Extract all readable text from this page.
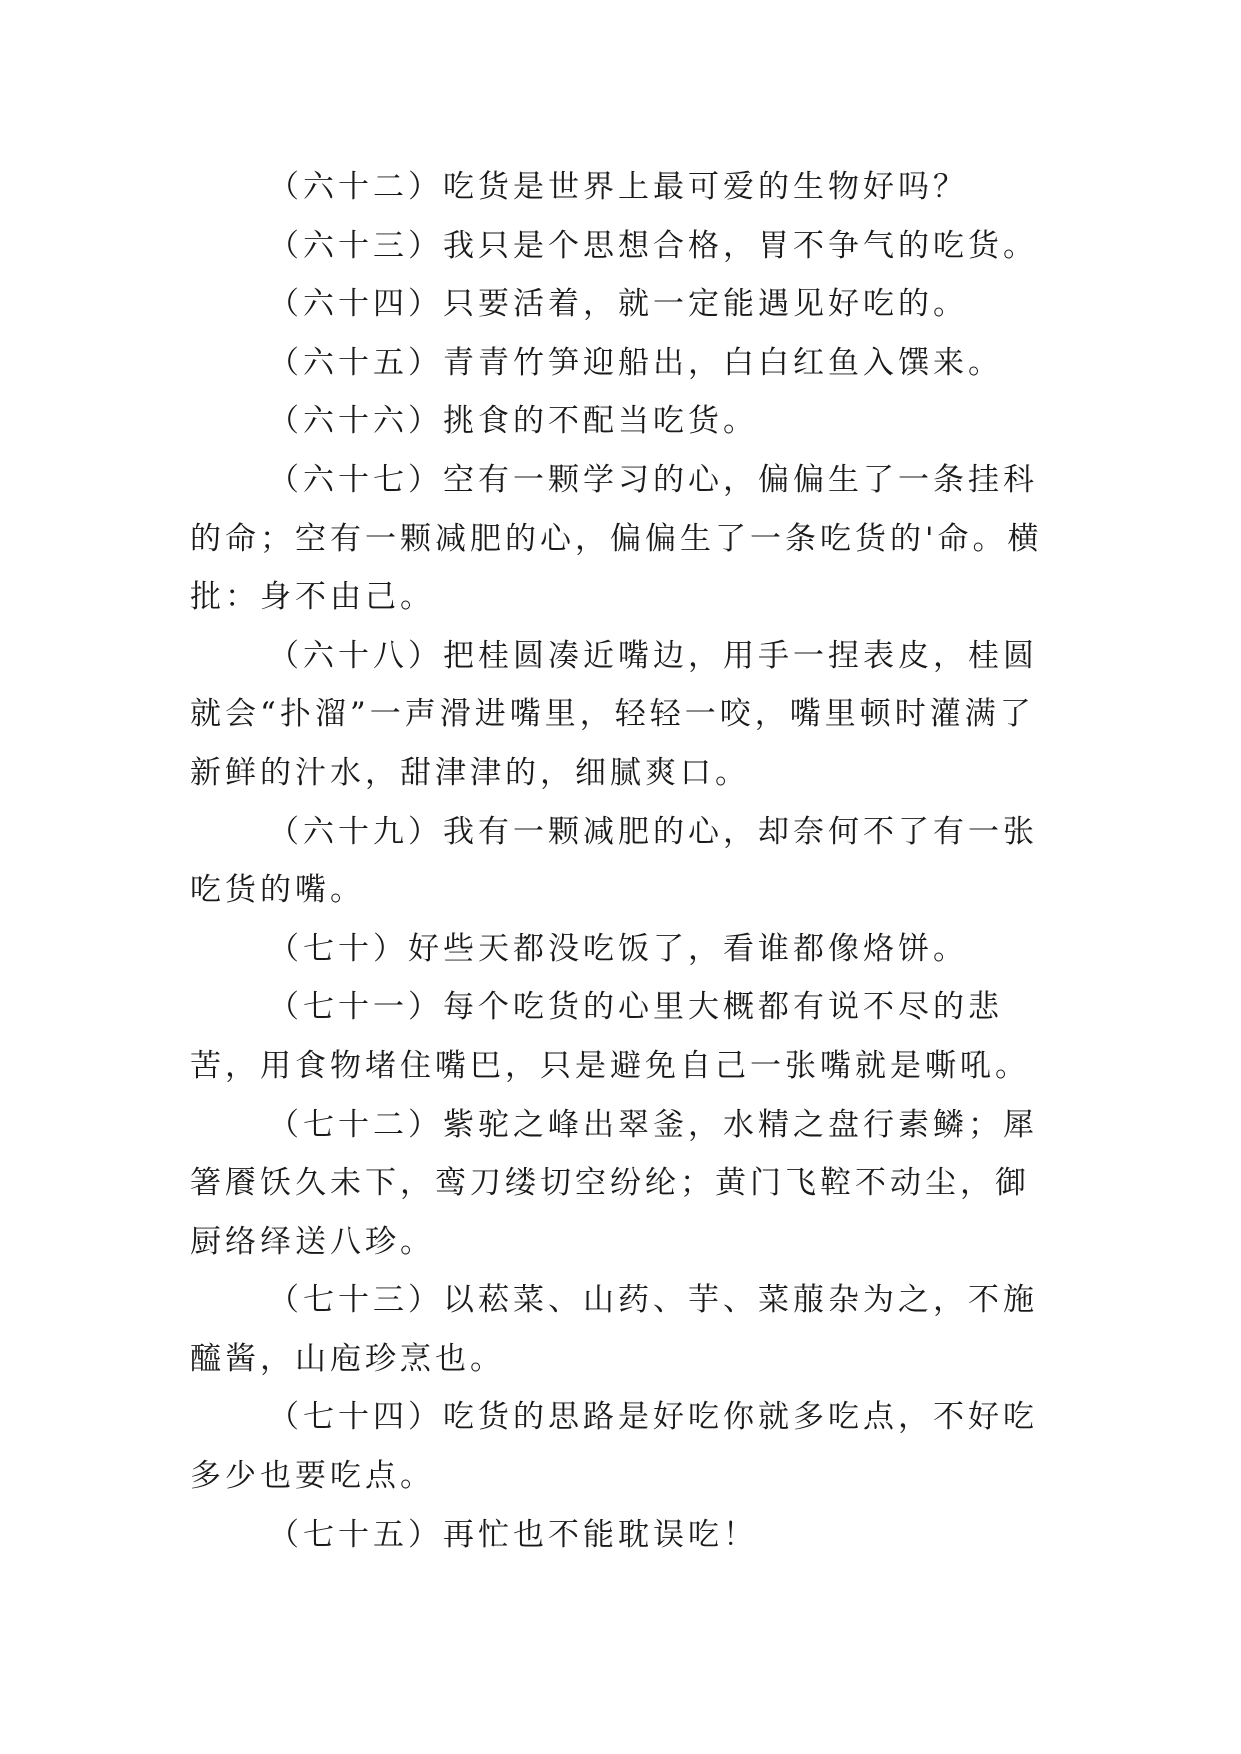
（六十二）吃货是世界上最可爱的生物好吗？

（六十三）我只是个思想合格，胃不争气的吃货。

（六十四）只要活着，就一定能遇见好吃的。

（六十五）青青竹笋迎船出，白白红鱼入馔来。

（六十六）挑食的不配当吃货。

（六十七）空有一颗学习的心，偏偏生了一条挂科的命；空有一颗减肥的心，偏偏生了一条吃货的'命。横批：身不由己。

（六十八）把桂圆凑近嘴边，用手一捏表皮，桂圆就会“扑溜”一声滑进嘴里，轻轻一咬，嘴里顿时灌满了新鲜的汁水，甜津津的，细腻爽口。

（六十九）我有一颗减肥的心，却奈何不了有一张吃货的嘴。

（七十）好些天都没吃饭了，看谁都像烙饼。

（七十一）每个吃货的心里大概都有说不尽的悲苦，用食物堵住嘴巴，只是避免自己一张嘴就是嘶吼。

（七十二）紫驼之峰出翠釜，水精之盘行素鳞；犀箸餍饫久未下，鸾刀缕切空纷纶；黄门飞鞚不动尘，御厨络绎送八珍。

（七十三）以菘菜、山药、芋、菜菔杂为之，不施醯酱，山庖珍烹也。

（七十四）吃货的思路是好吃你就多吃点，不好吃多少也要吃点。

（七十五）再忙也不能耽误吃！
